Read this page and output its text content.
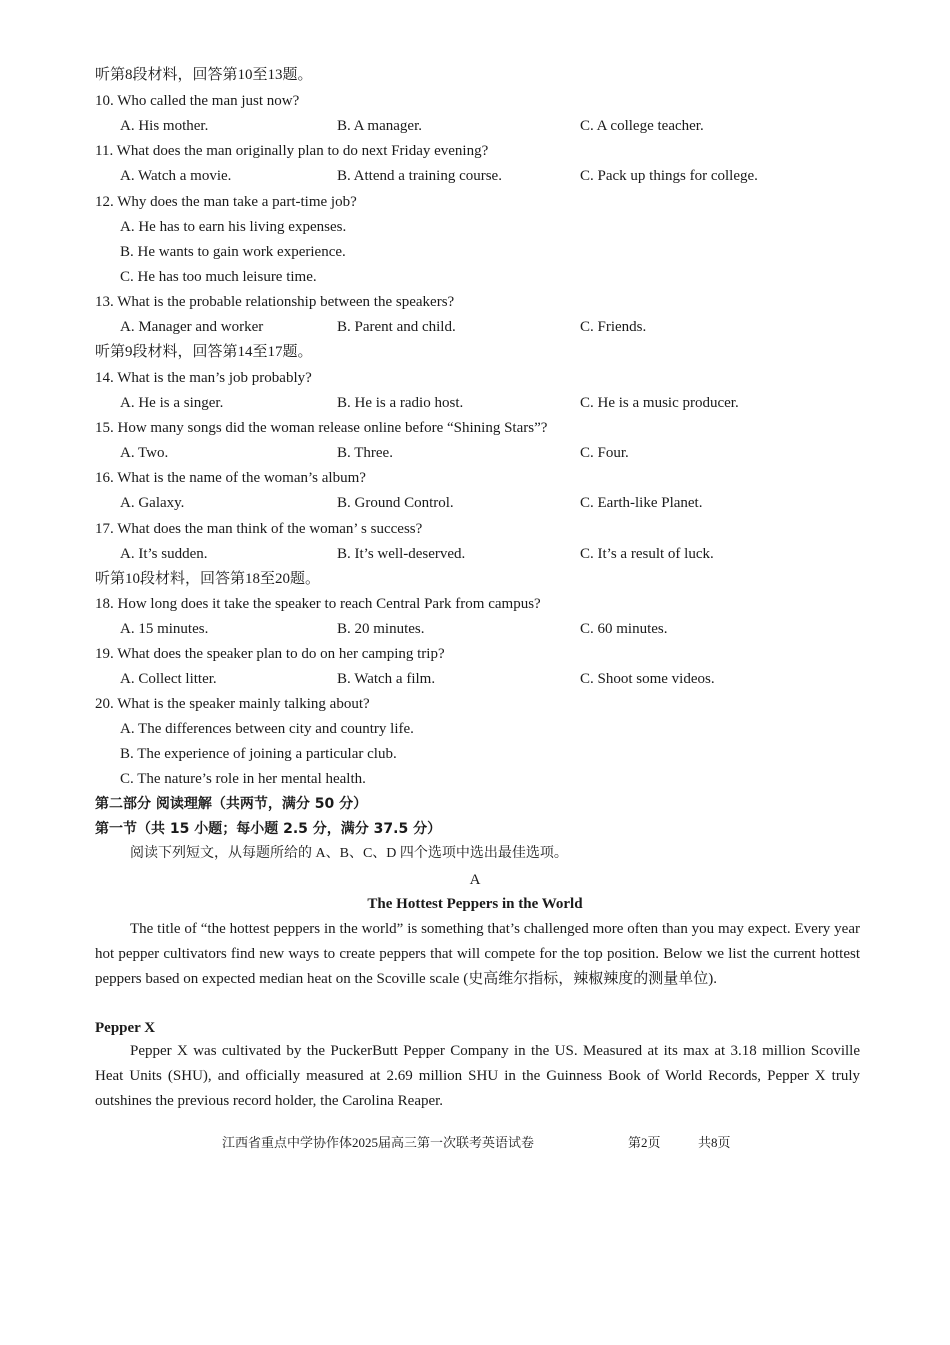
听第8段材料，回答第10至13题。
10. Who called the man just now?
A. His mother.	B. A manager.	C. A college teacher.
11. What does the man originally plan to do next Friday evening?
A. Watch a movie.	B. Attend a training course.	C. Pack up things for college.
12. Why does the man take a part-time job?
A. He has to earn his living expenses.
B. He wants to gain work experience.
C. He has too much leisure time.
13. What is the probable relationship between the speakers?
A. Manager and worker	B. Parent and child.	C. Friends.
听第9段材料，回答第14至17题。
14. What is the man’s job probably?
A. He is a singer.	B. He is a radio host.	C. He is a music producer.
15. How many songs did the woman release online before “Shining Stars”?
A. Two.	B. Three.	C. Four.
16. What is the name of the woman’s album?
A. Galaxy.	B. Ground Control.	C. Earth-like Planet.
17. What does the man think of the woman’ s success?
A. It’s sudden.	B. It’s well-deserved.	C. It’s a result of luck.
听第10段材料，回答第18至20题。
18. How long does it take the speaker to reach Central Park from campus?
A. 15 minutes.	B. 20 minutes.	C. 60 minutes.
19. What does the speaker plan to do on her camping trip?
A. Collect litter.	B. Watch a film.	C. Shoot some videos.
20. What is the speaker mainly talking about?
A. The differences between city and country life.
B. The experience of joining a particular club.
C. The nature’s role in her mental health.
第二部分 阅读理解（共两节，满分 50 分）
第一节（共 15 小题；每小题 2.5 分，满分 37.5 分）
阅读下列短文，从每题所给的 A、B、C、D 四个选项中选出最佳选项。
A
The Hottest Peppers in the World
The title of “the hottest peppers in the world” is something that’s challenged more often than you may expect. Every year hot pepper cultivators find new ways to create peppers that will compete for the top position. Below we list the current hottest peppers based on expected median heat on the Scoville scale (史高维尔指标，辣椒辣度的测量单位).
Pepper X
Pepper X was cultivated by the PuckerButt Pepper Company in the US. Measured at its max at 3.18 million Scoville Heat Units (SHU), and officially measured at 2.69 million SHU in the Guinness Book of World Records, Pepper X truly outshines the previous record holder, the Carolina Reaper.
江西省重点中学协作体2025届高三第一次联考英语试卷	第2页	共8页
